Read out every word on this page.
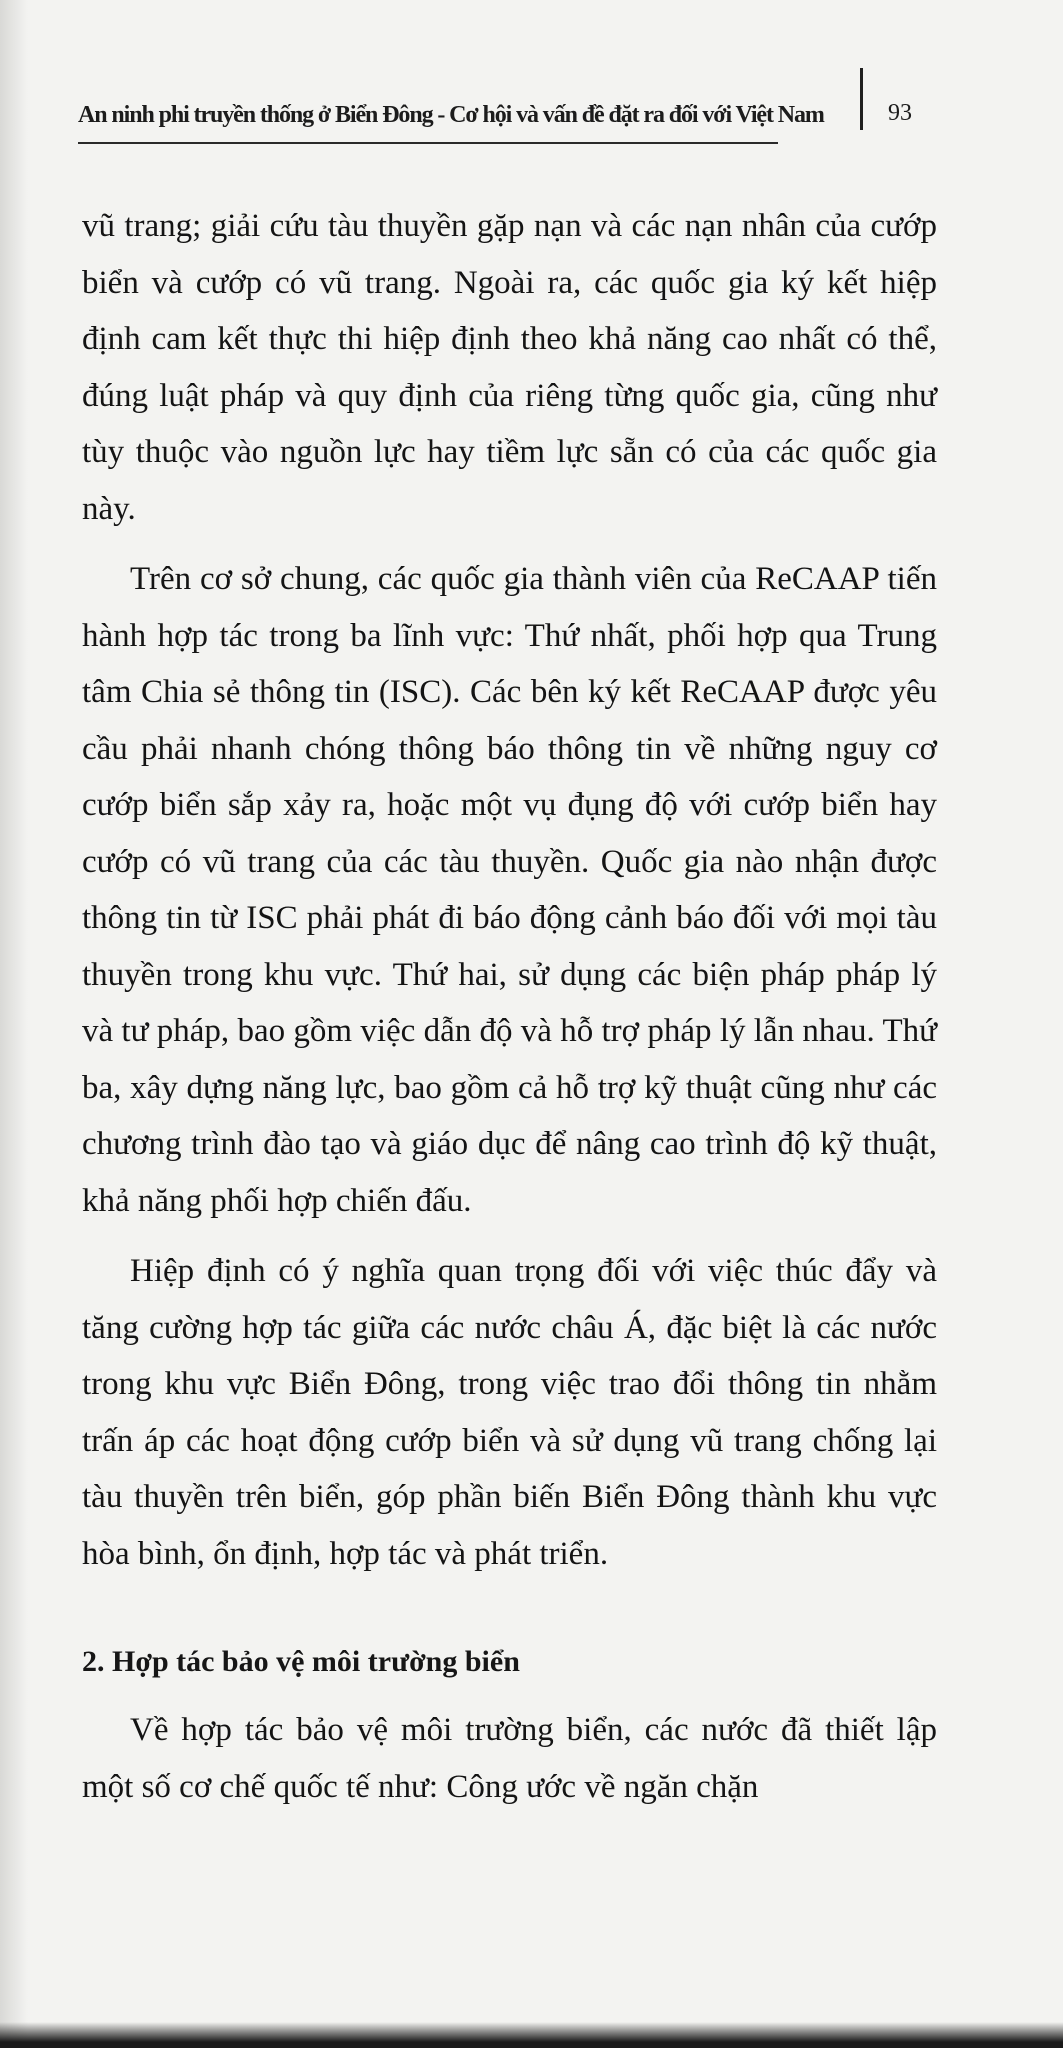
An ninh phi truyền thống ở Biển Đông - Cơ hội và vấn đề đặt ra đối với Việt Nam	93

vũ trang; giải cứu tàu thuyền gặp nạn và các nạn nhân của cướp biển và cướp có vũ trang. Ngoài ra, các quốc gia ký kết hiệp định cam kết thực thi hiệp định theo khả năng cao nhất có thể, đúng luật pháp và quy định của riêng từng quốc gia, cũng như tùy thuộc vào nguồn lực hay tiềm lực sẵn có của các quốc gia này.

Trên cơ sở chung, các quốc gia thành viên của ReCAAP tiến hành hợp tác trong ba lĩnh vực: Thứ nhất, phối hợp qua Trung tâm Chia sẻ thông tin (ISC). Các bên ký kết ReCAAP được yêu cầu phải nhanh chóng thông báo thông tin về những nguy cơ cướp biển sắp xảy ra, hoặc một vụ đụng độ với cướp biển hay cướp có vũ trang của các tàu thuyền. Quốc gia nào nhận được thông tin từ ISC phải phát đi báo động cảnh báo đối với mọi tàu thuyền trong khu vực. Thứ hai, sử dụng các biện pháp pháp lý và tư pháp, bao gồm việc dẫn độ và hỗ trợ pháp lý lẫn nhau. Thứ ba, xây dựng năng lực, bao gồm cả hỗ trợ kỹ thuật cũng như các chương trình đào tạo và giáo dục để nâng cao trình độ kỹ thuật, khả năng phối hợp chiến đấu.

Hiệp định có ý nghĩa quan trọng đối với việc thúc đẩy và tăng cường hợp tác giữa các nước châu Á, đặc biệt là các nước trong khu vực Biển Đông, trong việc trao đổi thông tin nhằm trấn áp các hoạt động cướp biển và sử dụng vũ trang chống lại tàu thuyền trên biển, góp phần biến Biển Đông thành khu vực hòa bình, ổn định, hợp tác và phát triển.

2. Hợp tác bảo vệ môi trường biển

Về hợp tác bảo vệ môi trường biển, các nước đã thiết lập một số cơ chế quốc tế như: Công ước về ngăn chặn
